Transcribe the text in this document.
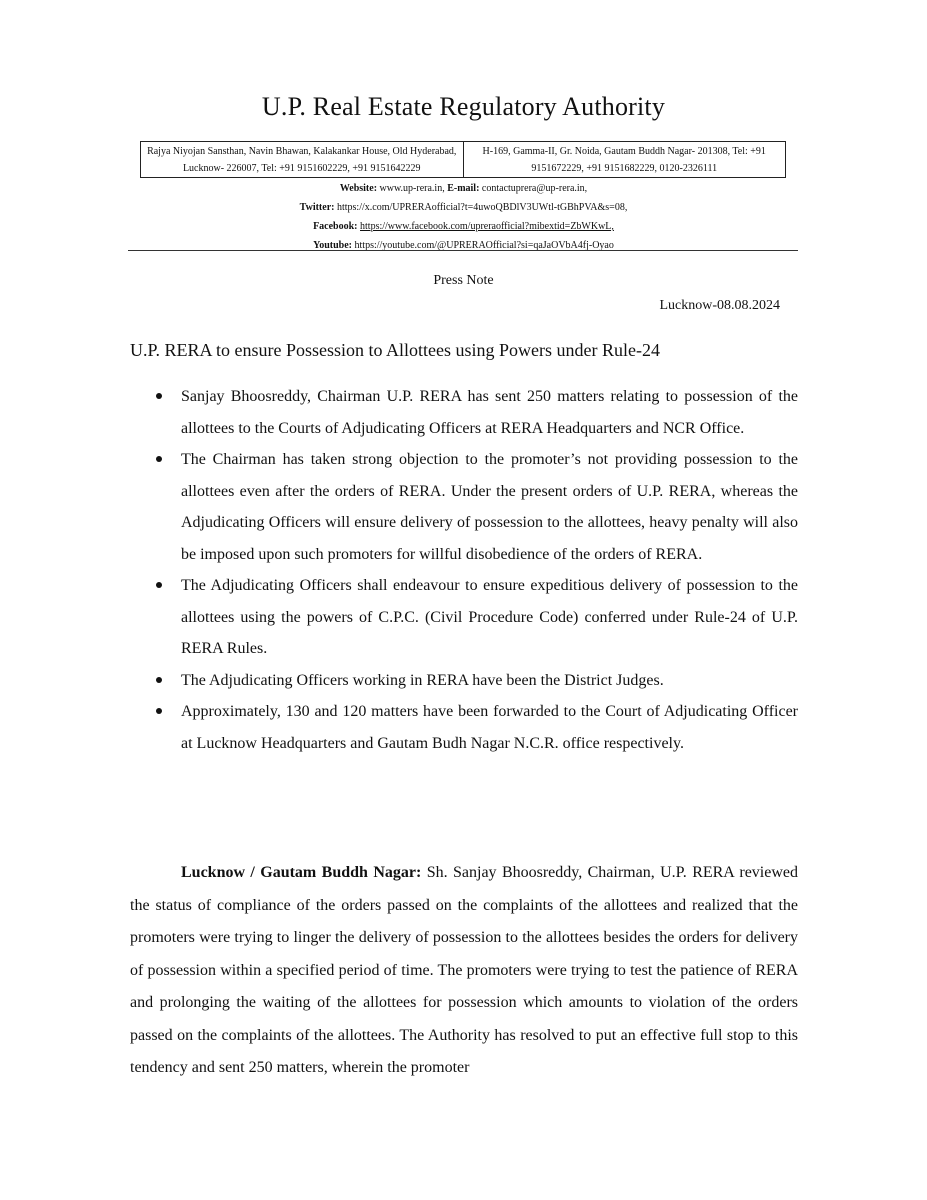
U.P. Real Estate Regulatory Authority
Rajya Niyojan Sansthan, Navin Bhawan, Kalakankar House, Old Hyderabad, Lucknow- 226007, Tel: +91 9151602229, +91 9151642229
H-169, Gamma-II, Gr. Noida, Gautam Buddh Nagar- 201308, Tel: +91 9151672229, +91 9151682229, 0120-2326111
Website: www.up-rera.in, E-mail: contactuprera@up-rera.in,
Twitter: https://x.com/UPRERAofficial?t=4uwoQBDlV3UWtl-tGBhPVA&s=08,
Facebook: https://www.facebook.com/upreraofficial?mibextid=ZbWKwL,
Youtube: https://youtube.com/@UPRERAOfficial?si=qaJaOVbA4fj-Oyao
Press Note
Lucknow-08.08.2024
U.P. RERA to ensure Possession to Allottees using Powers under Rule-24
Sanjay Bhoosreddy, Chairman U.P. RERA has sent 250 matters relating to possession of the allottees to the Courts of Adjudicating Officers at RERA Headquarters and NCR Office.
The Chairman has taken strong objection to the promoter’s not providing possession to the allottees even after the orders of RERA. Under the present orders of U.P. RERA, whereas the Adjudicating Officers will ensure delivery of possession to the allottees, heavy penalty will also be imposed upon such promoters for willful disobedience of the orders of RERA.
The Adjudicating Officers shall endeavour to ensure expeditious delivery of possession to the allottees using the powers of C.P.C. (Civil Procedure Code) conferred under Rule-24 of U.P. RERA Rules.
The Adjudicating Officers working in RERA have been the District Judges.
Approximately, 130 and 120 matters have been forwarded to the Court of Adjudicating Officer at Lucknow Headquarters and Gautam Budh Nagar N.C.R. office respectively.

Lucknow / Gautam Buddh Nagar: Sh. Sanjay Bhoosreddy, Chairman, U.P. RERA reviewed the status of compliance of the orders passed on the complaints of the allottees and realized that the promoters were trying to linger the delivery of possession to the allottees besides the orders for delivery of possession within a specified period of time. The promoters were trying to test the patience of RERA and prolonging the waiting of the allottees for possession which amounts to violation of the orders passed on the complaints of the allottees. The Authority has resolved to put an effective full stop to this tendency and sent 250 matters, wherein the promoter
